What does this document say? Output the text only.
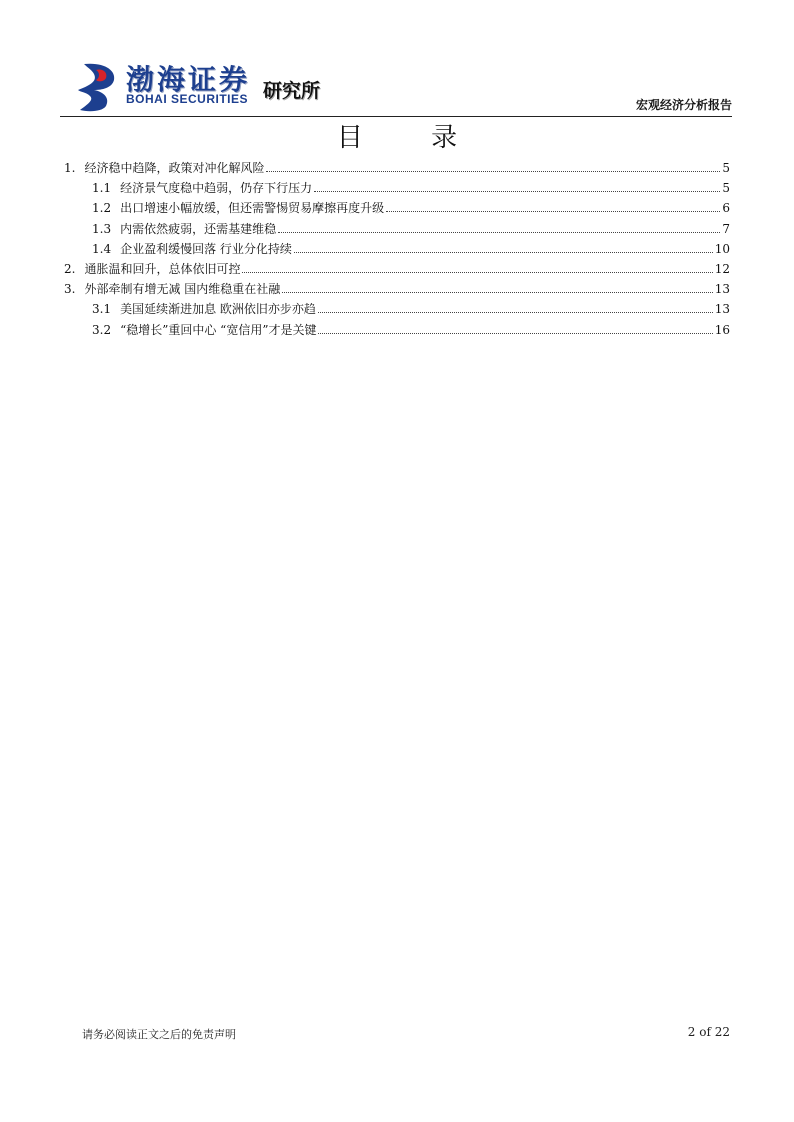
渤海证券
BOHAI SECURITIES 研究所
宏观经济分析报告
目 录
1. 经济稳中趋降，政策对冲化解风险	5
1.1 经济景气度稳中趋弱，仍存下行压力	5
1.2 出口增速小幅放缓，但还需警惕贸易摩擦再度升级	6
1.3 内需依然疲弱，还需基建维稳	7
1.4 企业盈利缓慢回落 行业分化持续	10
2. 通胀温和回升，总体依旧可控	12
3. 外部牵制有增无减 国内维稳重在社融	13
3.1 美国延续渐进加息 欧洲依旧亦步亦趋	13
3.2 “稳增长”重回中心 “宽信用”才是关键	16
请务必阅读正文之后的免责声明	2 of 22
